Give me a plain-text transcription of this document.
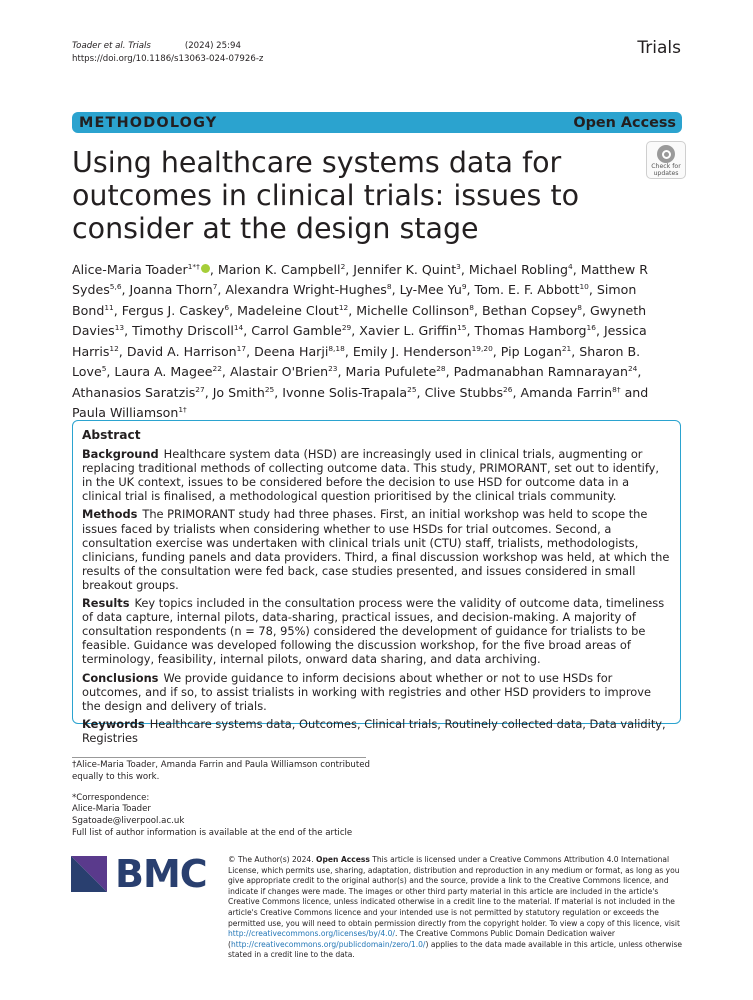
Toader et al. Trials	(2024) 25:94
https://doi.org/10.1186/s13063-024-07926-z
Trials
METHODOLOGY	Open Access
Using healthcare systems data for outcomes in clinical trials: issues to consider at the design stage
Check for
updates
Alice-Maria Toader$^{1*\dagger}$ , Marion K. Campbell$^2$, Jennifer K. Quint$^3$, Michael Robling$^4$, Matthew R Sydes$^{5,6}$, Joanna Thorn$^7$, Alexandra Wright-Hughes$^8$, Ly-Mee Yu$^9$, Tom. E. F. Abbott$^{10}$, Simon Bond$^{11}$, Fergus J. Caskey$^6$, Madeleine Clout$^{12}$, Michelle Collinson$^8$, Bethan Copsey$^8$, Gwyneth Davies$^{13}$, Timothy Driscoll$^{14}$, Carrol Gamble$^{29}$, Xavier L. Griffin$^{15}$, Thomas Hamborg$^{16}$, Jessica Harris$^{12}$, David A. Harrison$^{17}$, Deena Harji$^{8,18}$, Emily J. Henderson$^{19,20}$, Pip Logan$^{21}$, Sharon B. Love$^5$, Laura A. Magee$^{22}$, Alastair O'Brien$^{23}$, Maria Pufulete$^{28}$, Padmanabhan Ramnarayan$^{24}$, Athanasios Saratzis$^{27}$, Jo Smith$^{25}$, Ivonne Solis-Trapala$^{25}$, Clive Stubbs$^{26}$, Amanda Farrin$^{8\dagger}$ and Paula Williamson$^{1\dagger}$
Abstract

Background Healthcare system data (HSD) are increasingly used in clinical trials, augmenting or replacing traditional methods of collecting outcome data. This study, PRIMORANT, set out to identify, in the UK context, issues to be considered before the decision to use HSD for outcome data in a clinical trial is finalised, a methodological question prioritised by the clinical trials community.

Methods The PRIMORANT study had three phases. First, an initial workshop was held to scope the issues faced by trialists when considering whether to use HSDs for trial outcomes. Second, a consultation exercise was undertaken with clinical trials unit (CTU) staff, trialists, methodologists, clinicians, funding panels and data providers. Third, a final discussion workshop was held, at which the results of the consultation were fed back, case studies presented, and issues considered in small breakout groups.

Results Key topics included in the consultation process were the validity of outcome data, timeliness of data capture, internal pilots, data-sharing, practical issues, and decision-making. A majority of consultation respondents (n = 78, 95%) considered the development of guidance for trialists to be feasible. Guidance was developed following the discussion workshop, for the five broad areas of terminology, feasibility, internal pilots, onward data sharing, and data archiving.

Conclusions We provide guidance to inform decisions about whether or not to use HSDs for outcomes, and if so, to assist trialists in working with registries and other HSD providers to improve the design and delivery of trials.

Keywords Healthcare systems data, Outcomes, Clinical trials, Routinely collected data, Data validity, Registries

†Alice-Maria Toader, Amanda Farrin and Paula Williamson contributed equally to this work.
*Correspondence:
Alice-Maria Toader
Sgatoade@liverpool.ac.uk
Full list of author information is available at the end of the article
BMC	© The Author(s) 2024. Open Access This article is licensed under a Creative Commons Attribution 4.0 International License, which permits use, sharing, adaptation, distribution and reproduction in any medium or format, as long as you give appropriate credit to the original author(s) and the source, provide a link to the Creative Commons licence, and indicate if changes were made. The images or other third party material in this article are included in the article's Creative Commons licence, unless indicated otherwise in a credit line to the material. If material is not included in the article's Creative Commons licence and your intended use is not permitted by statutory regulation or exceeds the permitted use, you will need to obtain permission directly from the copyright holder. To view a copy of this licence, visit http://creativecommons.org/licenses/by/4.0/. The Creative Commons Public Domain Dedication waiver (http://creativecommons.org/publicdomain/zero/1.0/) applies to the data made available in this article, unless otherwise stated in a credit line to the data.
